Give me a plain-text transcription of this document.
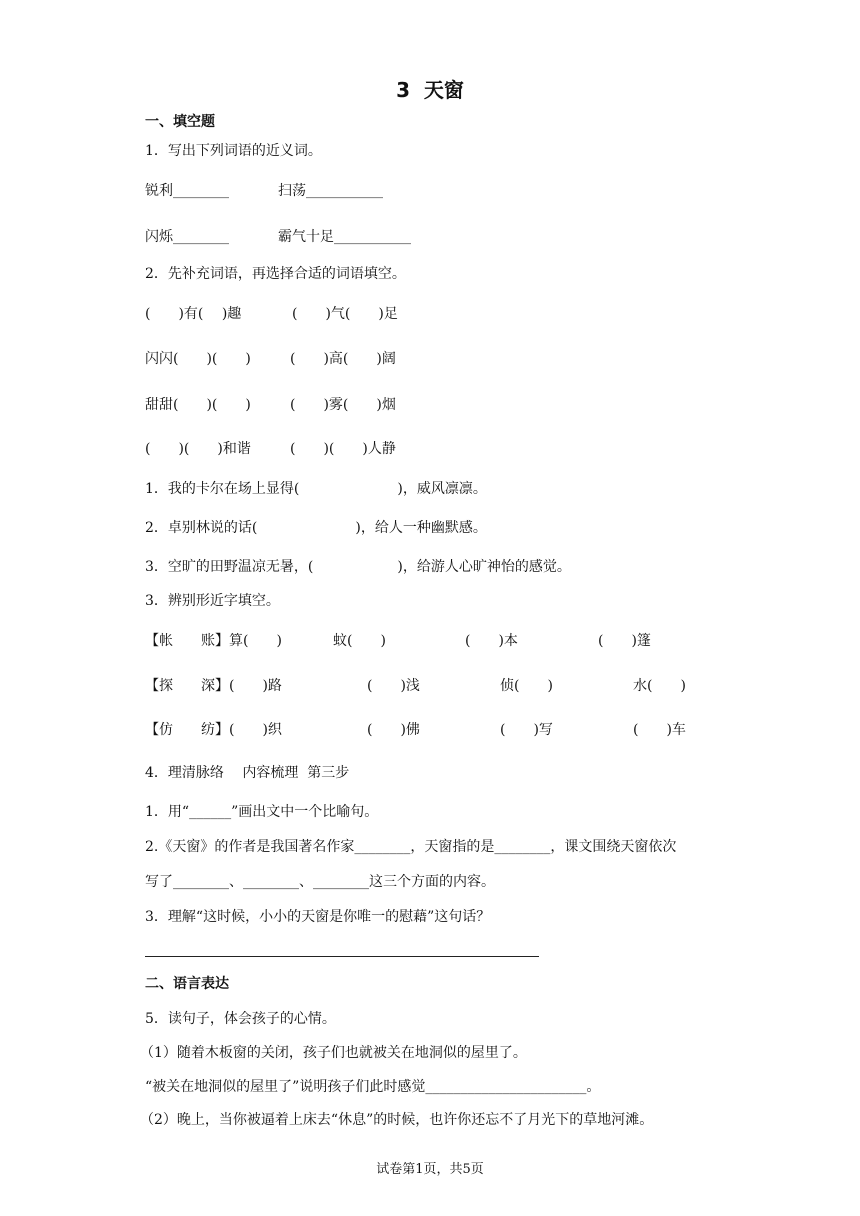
3  天窗
一、填空题
1．写出下列词语的近义词。
锐利________	扫荡___________
闪烁________	霸气十足___________
2．先补充词语，再选择合适的词语填空。
(　　)有(　 )趣	(　　)气(　　)足
闪闪(　　)(　　)	(　　)高(　　)阔
甜甜(　　)(　　)	(　　)雾(　　)烟
(　　)(　　)和谐	(　　)(　　)人静
1．我的卡尔在场上显得(　　　　　　　)，威风凛凛。
2．卓别林说的话(　　　　　　　)，给人一种幽默感。
3．空旷的田野温凉无暑，(　　　　　　)，给游人心旷神怡的感觉。
3．辨别形近字填空。
【帐　　账】算(　　)	蚊(　　)	(　　)本	(　　)篷
【探　　深】(　　)路	(　　)浅	侦(　　)	水(　　)
【仿　　纺】(　　)织	(　　)佛	(　　)写	(　　)车
4．理清脉络　 内容梳理  第三步
1．用“______”画出文中一个比喻句。
2.《天窗》的作者是我国著名作家________，天窗指的是________，课文围绕天窗依次
写了________、________、________这三个方面的内容。
3．理解“这时候，小小的天窗是你唯一的慰藉”这句话？
二、语言表达
5．读句子，体会孩子的心情。
（1）随着木板窗的关闭，孩子们也就被关在地洞似的屋里了。
“被关在地洞似的屋里了”说明孩子们此时感觉_______________________。
（2）晚上，当你被逼着上床去“休息”的时候，也许你还忘不了月光下的草地河滩。
试卷第1页，共5页
